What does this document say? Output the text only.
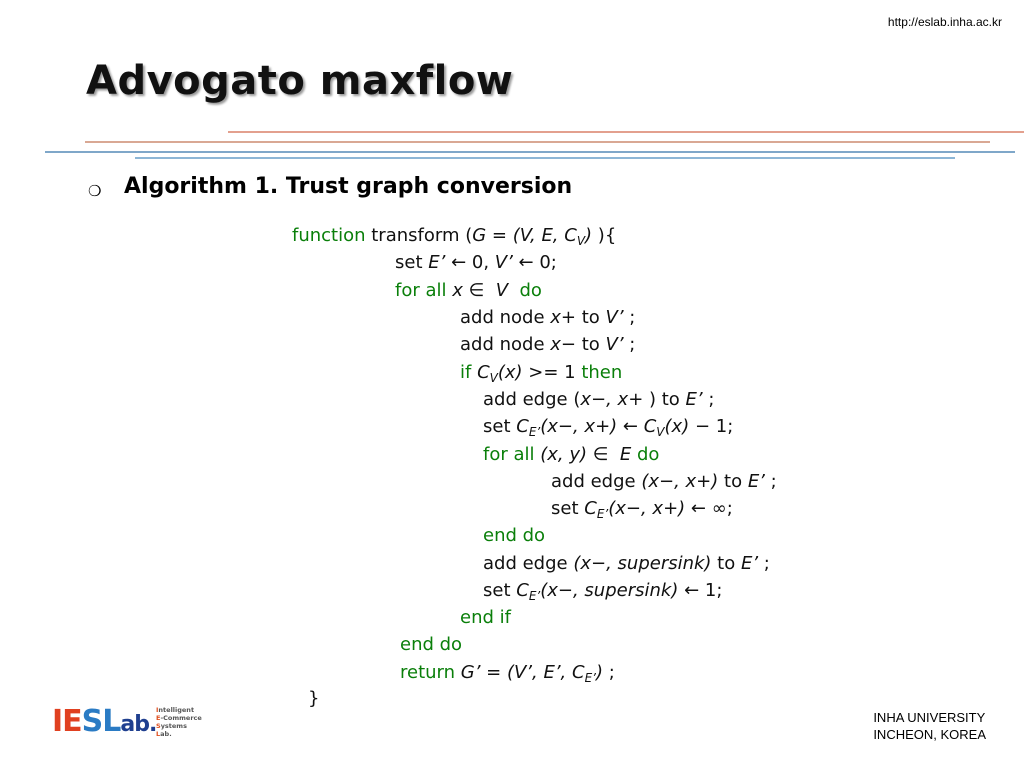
http://eslab.inha.ac.kr
Advogato maxflow
❍	Algorithm 1. Trust graph conversion
function transform (G = (V, E, $C_V$) ){
set E’ ← 0, V’ ← 0;
for all x ∈  V  do
add node x+ to V’ ;
add node x− to V’ ;
if $C_V(x) >= 1$ then
add edge (x−, x+ ) to E’ ;
set $C_{E’}(x-$, x+) ← $C_V(x) - 1$;
for all (x, y) ∈  E do
add edge (x−, x+) to E’ ;
set $C_{E’}(x-$, x+) ← ∞;
end do
add edge (x−, supersink) to E’ ;
set $C_{E’}(x-$, supersink) ← 1;
end if
end do
return G’ = (V’, E’, $C_{E’}$) ;
}
IESLab.
Intelligent
E-Commerce
Systems
Lab.
INHA UNIVERSITY
INCHEON, KOREA
